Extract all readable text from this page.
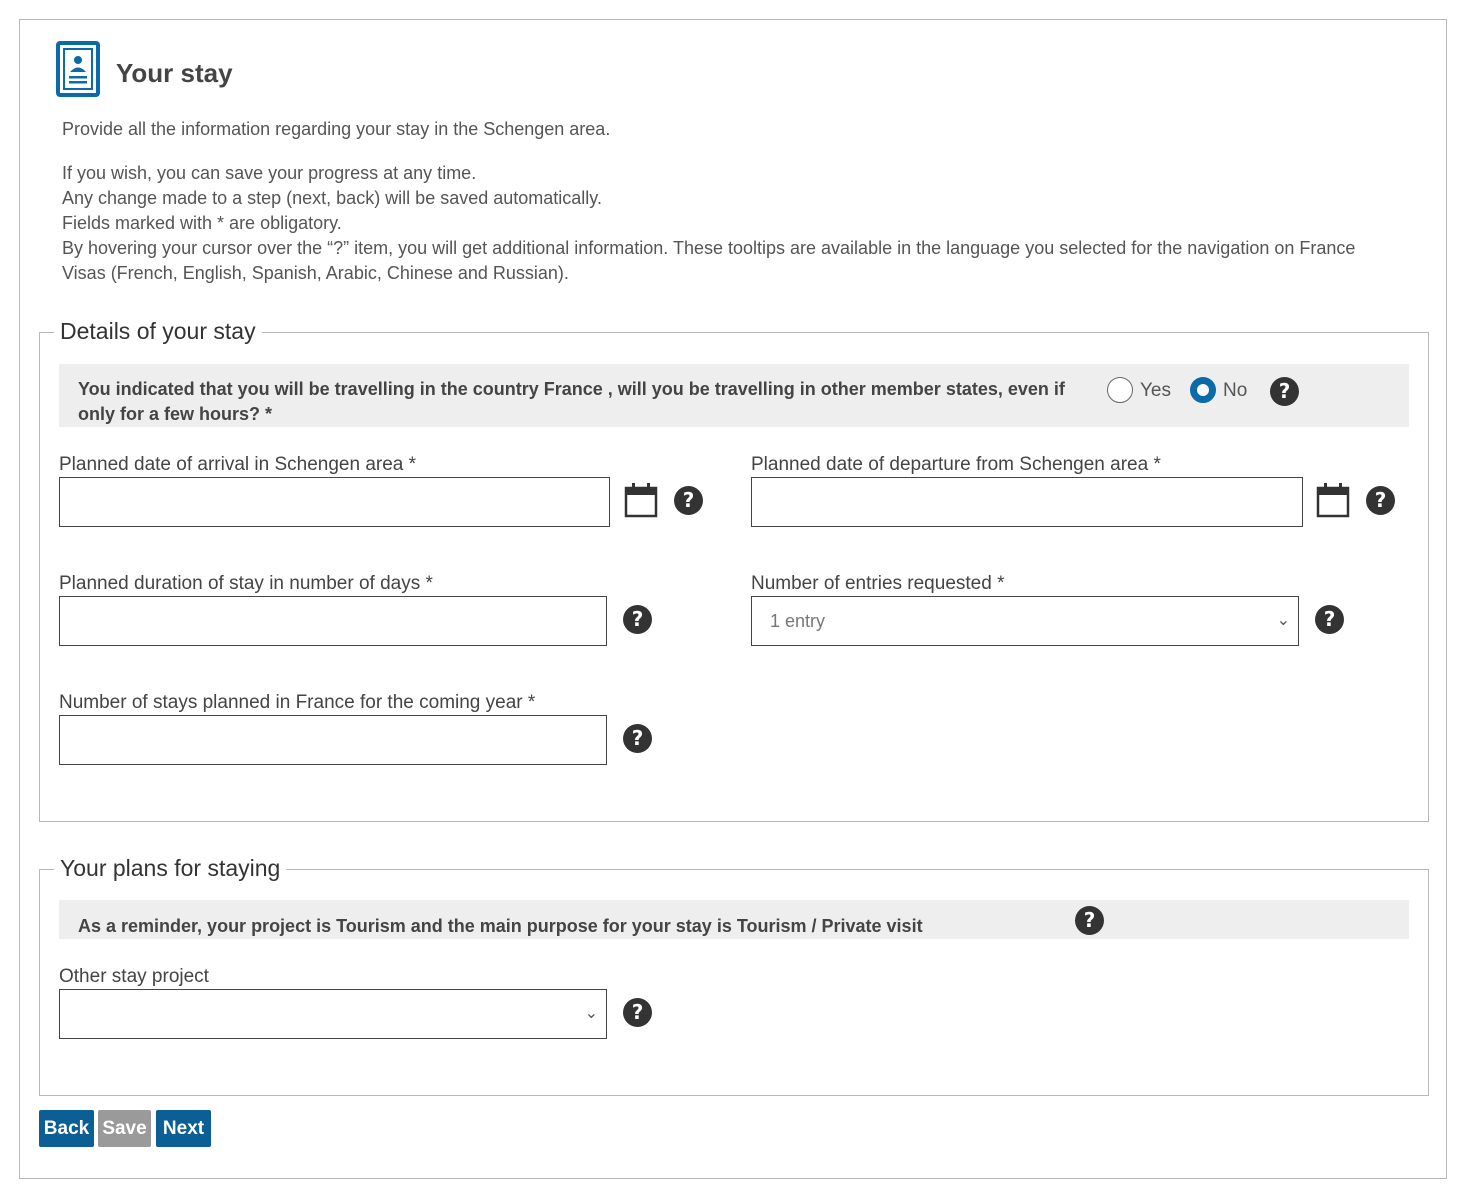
Your stay
Provide all the information regarding your stay in the Schengen area.
If you wish, you can save your progress at any time.
Any change made to a step (next, back) will be saved automatically.
Fields marked with * are obligatory.
By hovering your cursor over the “?” item, you will get additional information. These tooltips are available in the language you selected for the navigation on France Visas (French, English, Spanish, Arabic, Chinese and Russian).
Details of your stay
You indicated that you will be travelling in the country France , will you be travelling in other member states, even if only for a few hours? *
Yes	No	?
Planned date of arrival in Schengen area *
?
Planned date of departure from Schengen area *
?
Planned duration of stay in number of days *
?
Number of entries requested *
1 entry	⌄	?
Number of stays planned in France for the coming year *
?
Your plans for staying
As a reminder, your project is Tourism and the main purpose for your stay is Tourism / Private visit	?
Other stay project
⌄	?
Back Save Next
